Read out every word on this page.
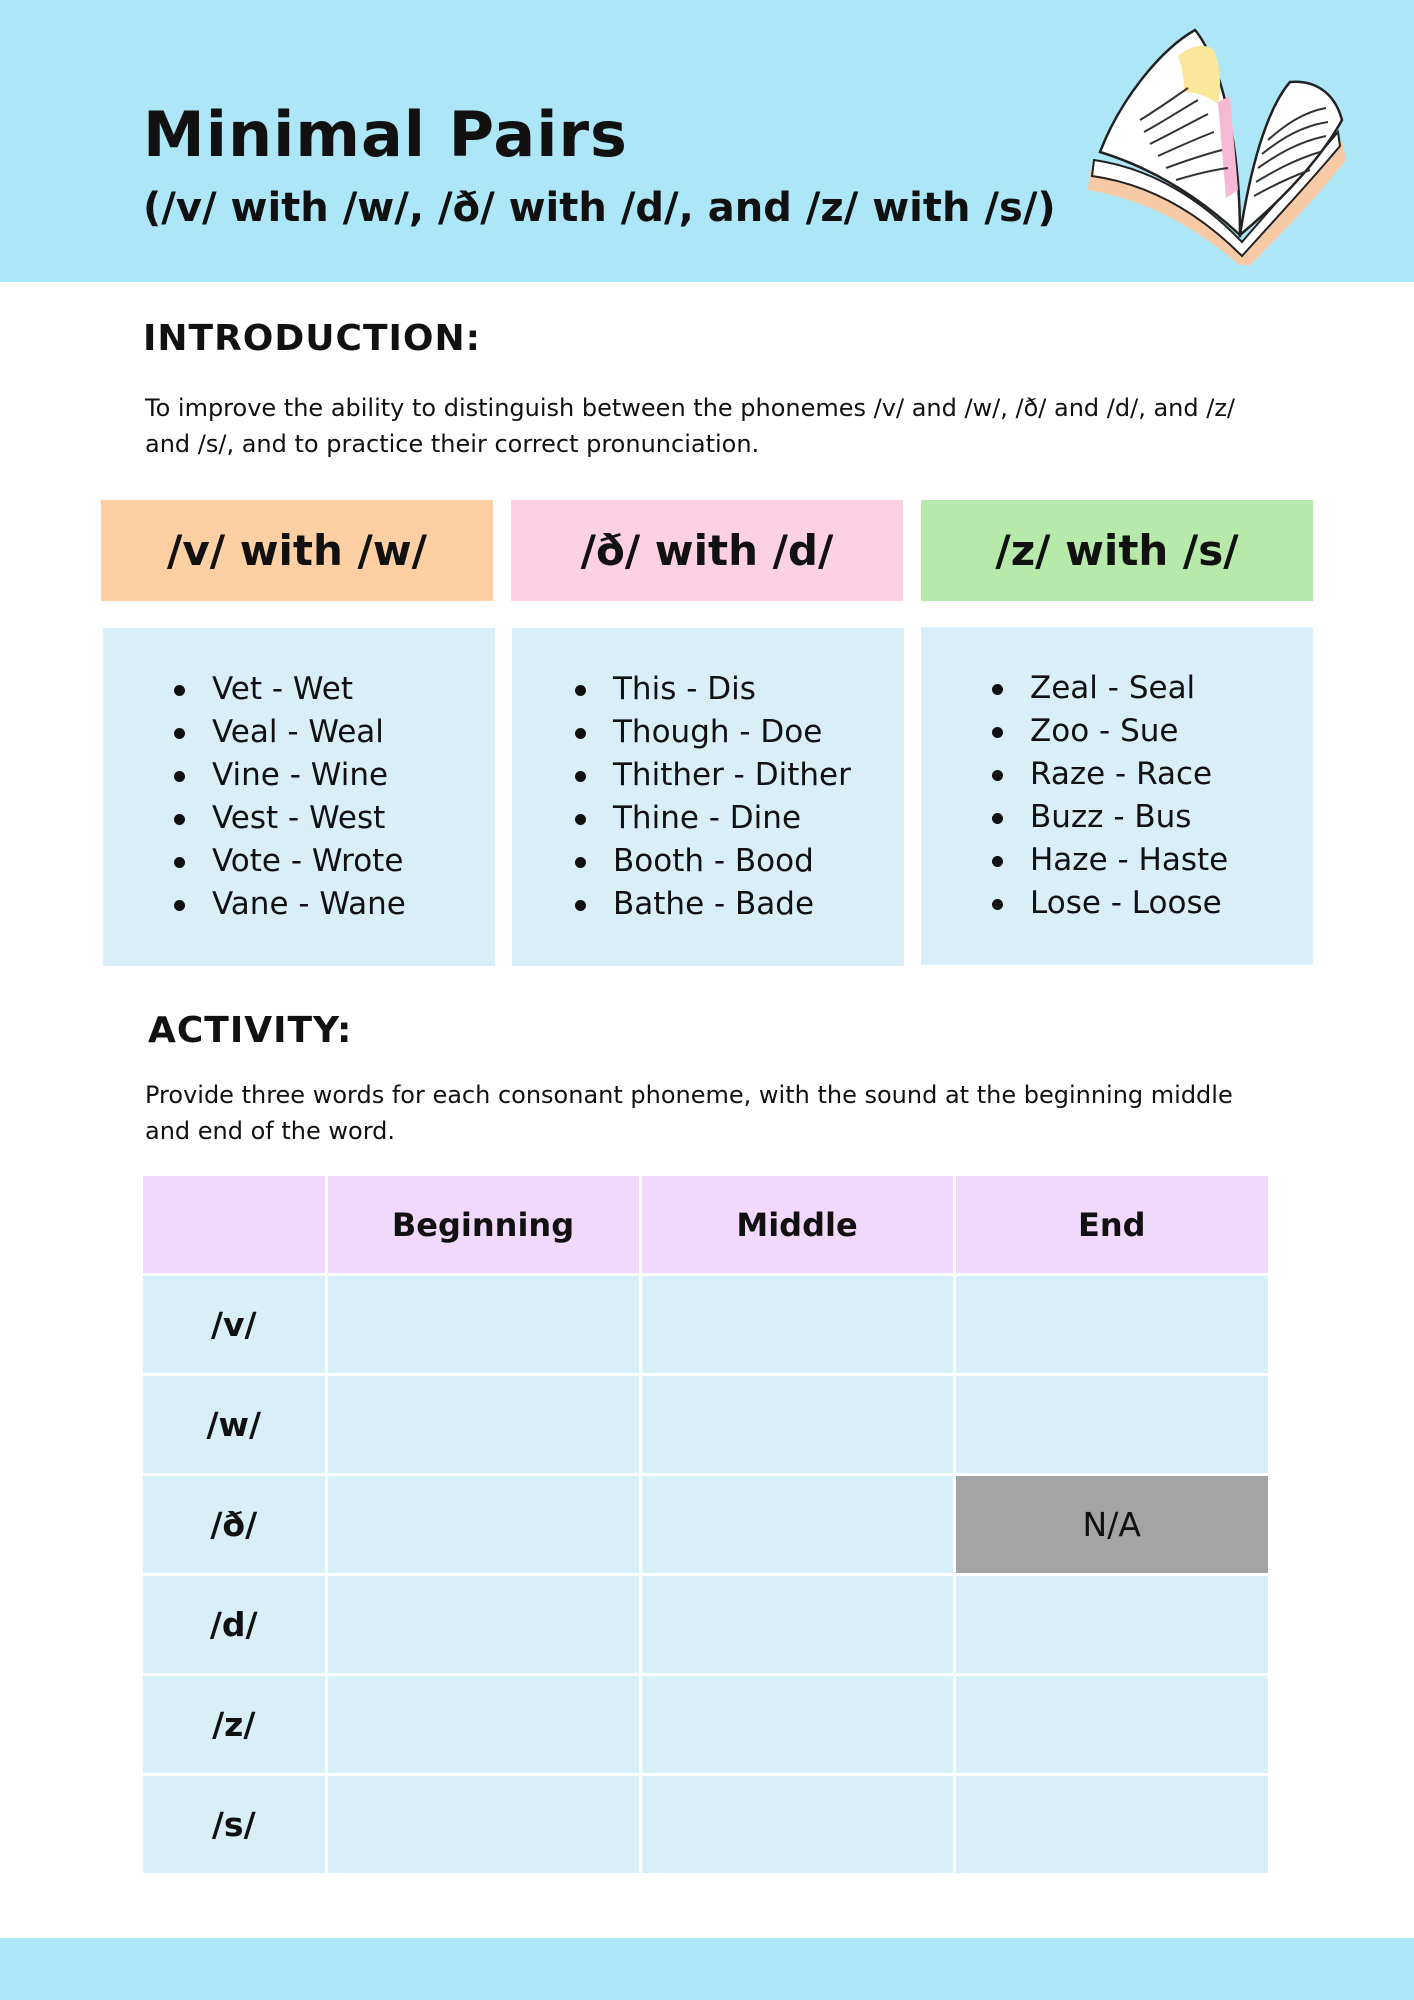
Minimal Pairs
(/v/ with /w/, /ð/ with /d/, and /z/ with /s/)
INTRODUCTION:

To improve the ability to distinguish between the phonemes /v/ and /w/, /ð/ and /d/, and /z/ and /s/, and to practice their correct pronunciation.

/v/ with /w/	/ð/ with /d/	/z/ with /s/
Vet - Wet
Veal - Weal
Vine - Wine
Vest - West
Vote - Wrote
Vane - Wane
This - Dis
Though - Doe
Thither - Dither
Thine - Dine
Booth - Bood
Bathe - Bade
Zeal - Seal
Zoo - Sue
Raze - Race
Buzz - Bus
Haze - Haste
Lose - Loose
ACTIVITY:

Provide three words for each consonant phoneme, with the sound at the beginning middle and end of the word.

	Beginning	Middle	End
/v/			
/w/			
/ð/			N/A
/d/			
/z/			
/s/			
